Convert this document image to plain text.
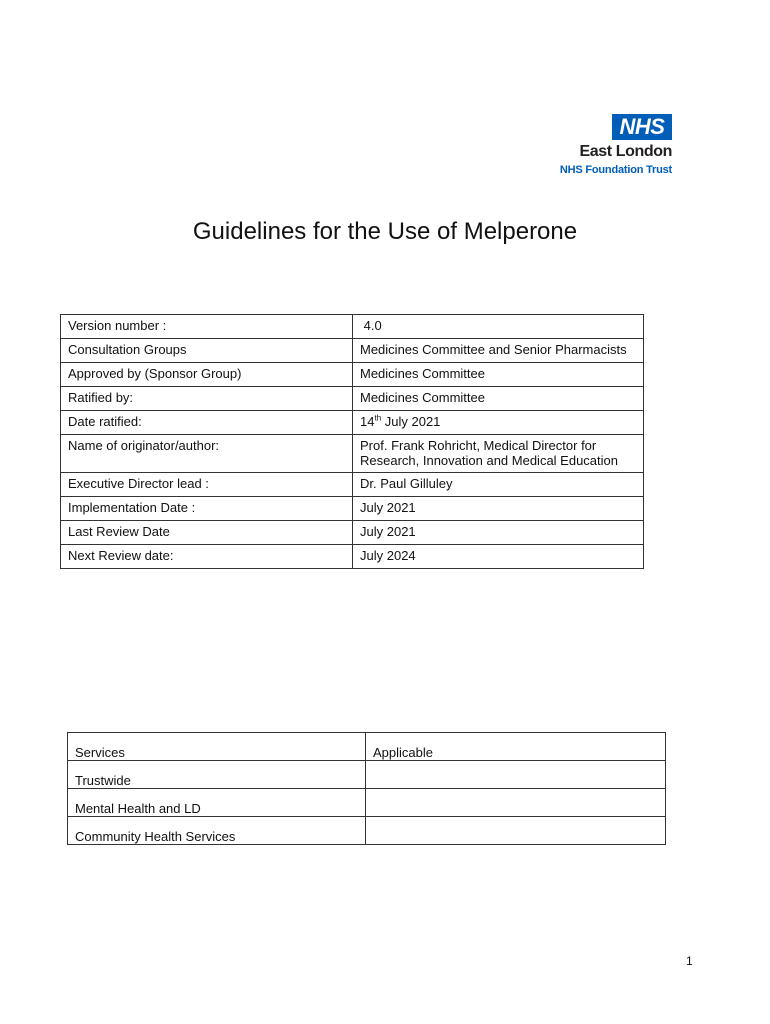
NHS
East London
NHS Foundation Trust
Guidelines for the Use of Melperone
Version number :	4.0
Consultation Groups	Medicines Committee and Senior Pharmacists
Approved by (Sponsor Group)	Medicines Committee
Ratified by:	Medicines Committee
Date ratified:	14th July 2021
Name of originator/author:	Prof. Frank Rohricht, Medical Director for Research, Innovation and Medical Education
Executive Director lead :	Dr. Paul Gilluley
Implementation Date :	July 2021
Last Review Date	July 2021
Next Review date:	July 2024
Services	Applicable
Trustwide	
Mental Health and LD	
Community Health Services	
1
